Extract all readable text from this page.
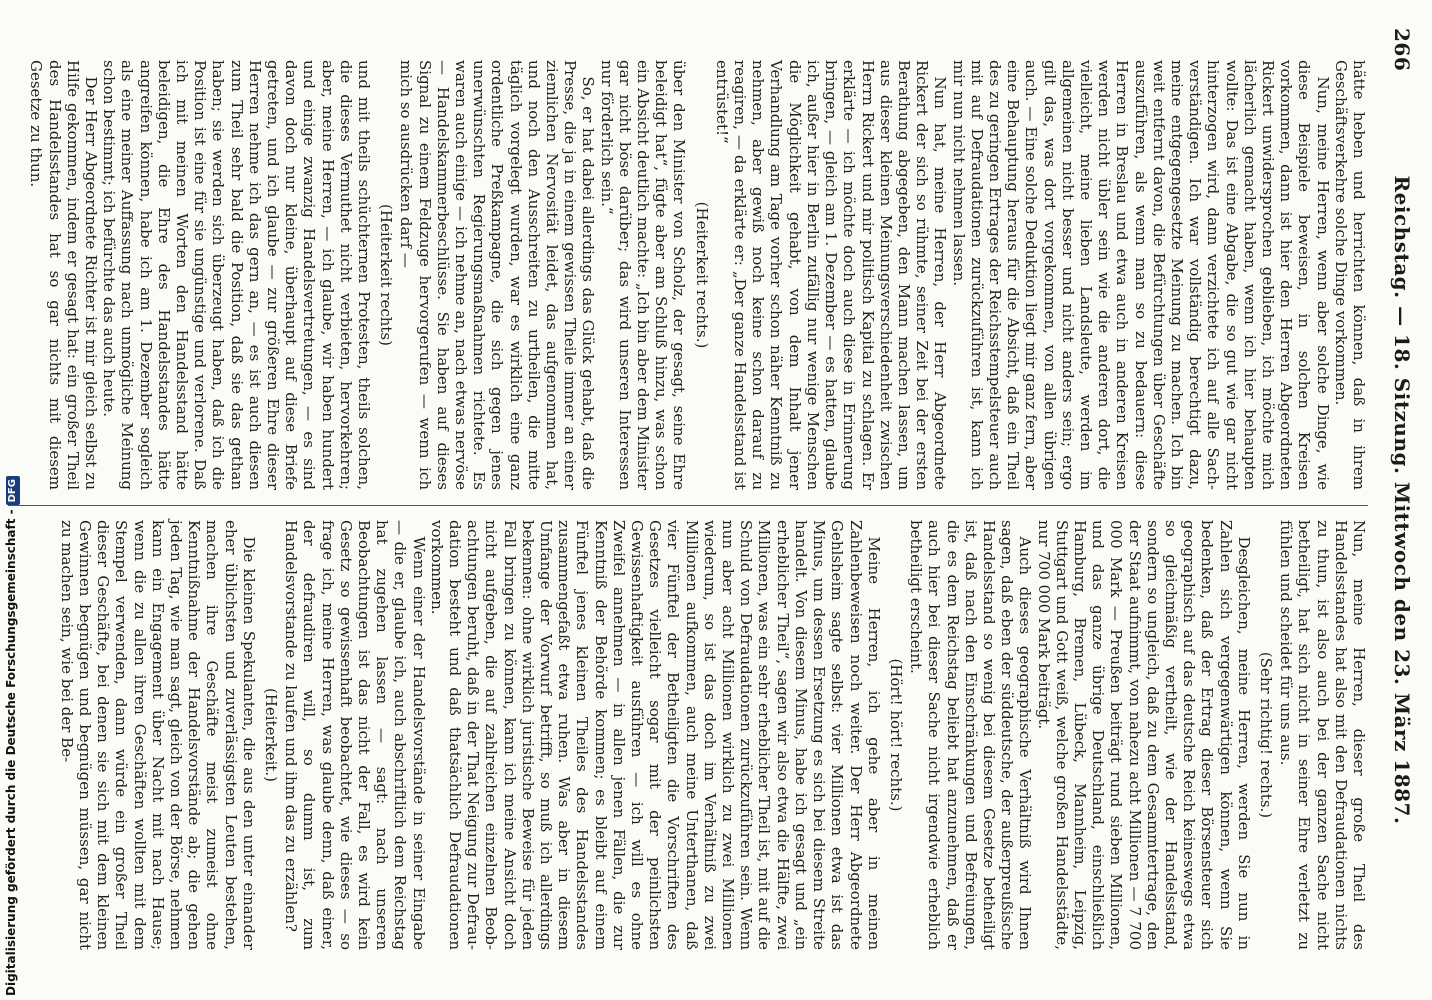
266
Reichstag. — 18. Sitzung. Mittwoch den 23. März 1887.

hätte heben und herrichten können, daß in ihrem Geschäftsverkehre solche Dinge vorkommen.

Nun, meine Herren, wenn aber solche Dinge, wie diese Beispiele beweisen, in solchen Kreisen vorkommen, dann ist hier den Herren Abgeordneten Rickert unwidersprochen geblieben, ich möchte mich lächerlich gemacht haben, wenn ich hier behaupten wollte: Das ist eine Abgabe, die so gut wie gar nicht hinterzogen wird, dann verzichtete ich auf alle Sachverständigen. Ich war vollständig berechtigt dazu, meine entgegengesetzte Meinung zu machen. Ich bin weit entfernt davon, die Befürchtungen über Geschäfte auszuführen, als wenn man so zu bedauern: diese Herren in Breslau und etwa auch in anderen Kreisen werden nicht übler sein wie die anderen dort, die vielleicht, meine lieben Landsleute, werden im allgemeinen nicht besser und nicht anders sein; ergo gilt das, was dort vorgekommen, von allen übrigen auch. — Eine solche Deduktion liegt mir ganz fern, aber eine Behauptung heraus für die Absicht, daß ein Theil des zu geringen Ertrages der Reichsstempelsteuer auch mit auf Defraudationen zurückzuführen ist, kann ich mir nun nicht nehmen lassen.

Nun hat, meine Herren, der Herr Abgeordnete Rickert der sich so rühmte, seiner Zeit bei der ersten Berathung abgegeben, den Mann machen lassen, um aus dieser kleinen Meinungsverschiedenheit zwischen Herrn Rickert und mir politisch Kapital zu schlagen. Er erklärte — ich möchte doch auch diese in Erinnerung bringen, — gleich am 1. Dezember — es hatten, glaube ich, außer hier in Berlin zufällig nur wenige Menschen die Möglichkeit gehabt, von dem Inhalt jener Verhandlung am Tage vorher schon näher Kenntniß zu nehmen, aber gewiß noch keine schon darauf zu reagiren, — da erklärte er: „Der ganze Handelsstand ist entrüstet!“

(Heiterkeit rechts.)

über den Minister von Scholz, der gesagt, seine Ehre beleidigt hat“, fügte aber am Schluß hinzu, was schon ein Absicht deutlich machte: „Ich bin aber dem Minister gar nicht böse darüber; das wird unseren Interessen nur förderlich sein.“

So, er hat dabei allerdings das Glück gehabt, daß die Presse, die ja in einem gewissen Theile immer an einer ziemlichen Nervosität leidet, das aufgenommen hat, und noch den Ausschreiten zu urtheilen, die mitte täglich vorgelegt wurden, war es wirklich eine ganz ordentliche Preßkampagne, die sich gegen jenes unerwünschten Regierungsmaßnahmen richtete. Es waren auch einige — ich nehme an, nach etwas nervöse — Handelskammerbeschlüsse. Sie haben auf dieses Signal zu einem Feldzuge hervorgerufen — wenn ich mich so ausdrücken darf —

(Heiterkeit rechts)

und mit theils schüchternen Protesten, theils solchen, die dieses Vermuthet nicht verbieten, hervorkehren; aber, meine Herren, — ich glaube, wir haben hundert und einige zwanzig Handelsvertretungen, — es sind davon doch nur kleine, überhaupt auf diese Briefe getreten, und ich glaube — zur größeren Ehre dieser Herren nehme ich das gern an, — es ist auch diesen zum Theil sehr bald die Position, daß sie das gethan haben; sie werden sich überzeugt haben, daß ich die Position ist eine für sie ungünstige und verlorene. Daß ich mit meinen Worten den Handelsstand hätte beleidigen, die Ehre des Handelsstandes hätte angreifen können, habe ich am 1. Dezember sogleich als eine meiner Auffassung nach unmögliche Meinung schon bestimmt; ich befürchte das auch heute.

Der Herr Abgeordnete Richter ist mir gleich selbst zu Hilfe gekommen, indem er gesagt hat: ein großer Theil des Handelsstandes hat so gar nichts mit diesem Gesetze zu thun.

Nun, meine Herren, dieser große Theil des Handelsstandes hat also mit den Defraudationen nichts zu thun, ist also auch bei der ganzen Sache nicht betheiligt, hat sich nicht in seiner Ehre verletzt zu fühlen und scheidet für uns aus.

(Sehr richtig! rechts.)

Desgleichen, meine Herren, werden Sie nun in Zahlen sich vergegenwärtigen können, wenn Sie bedenken, daß der Ertrag dieser Börsensteuer sich geographisch auf das deutsche Reich keineswegs etwa so gleichmäßig vertheilt, wie der Handelsstand, sondern so ungleich, daß zu dem Gesammtertrage, den der Staat aufnimmt, von nahezu acht Millionen — 7 700 000 Mark — Preußen beiträgt rund sieben Millionen, und das ganze übrige Deutschland, einschließlich Hamburg, Bremen, Lübeck, Mannheim, Leipzig, Stuttgart und Gott weiß, welche großen Handelsstädte, nur 700 000 Mark beiträgt.

Auch dieses geographische Verhältniß wird Ihnen sagen, daß eben der süddeutsche, der außerpreußische Handelsstand so wenig bei diesem Gesetze betheiligt ist, daß nach den Einschränkungen und Befreiungen, die es dem Reichstag beliebt hat anzunehmen, daß er auch hier bei dieser Sache nicht irgendwie erheblich betheiligt erscheint.

(Hört! hört! rechts.)

Meine Herren, ich gehe aber in meinen Zahlenbeweisen noch weiter. Der Herr Abgeordnete Gehlsheim sagte selbst: vier Millionen etwa ist das Minus, um dessen Ersetzung es sich bei diesem Streite handelt. Von diesem Minus, habe ich gesagt und „ein erheblicher Theil“, sagen wir also etwa die Hälfte, zwei Millionen, was ein sehr erheblicher Theil ist, mit auf die Schuld von Defraudationen zurückzuführen sein. Wenn nun aber acht Millionen wirklich zu zwei Millionen wiederum, so ist das doch im Verhältniß zu zwei Millionen aufkommen, auch meine Unterthanen, daß vier Fünftel der Betheiligten die Vorschriften des Gesetzes vielleicht sogar mit der peinlichsten Gewissenhaftigkeit ausführen — ich will es ohne Zweifel annehmen — in allen jenen Fällen, die zur Kenntniß der Behörde kommen; es bleibt auf einem Fünftel jenes kleinen Theiles des Handelsstandes zusammengefaßt etwa ruhen. Was aber in diesem Umfange der Vorwurf betrifft, so muß ich allerdings bekennen: ohne wirklich juristische Beweise für jeden Fall bringen zu können, kann ich meine Ansicht doch nicht aufgeben, die auf zahlreichen einzelnen Beobachtungen beruht, daß in der That Neigung zur Defraudation besteht und daß thatsächlich Defraudationen vorkommen.

Wenn einer der Handelsvorstände in seiner Eingabe — die er, glaube ich, auch abschriftlich dem Reichstag hat zugehen lassen — sagt: nach unseren Beobachtungen ist das nicht der Fall, es wird kein Gesetz so gewissenhaft beobachtet, wie dieses — so frage ich, meine Herren, was glaube denn, daß einer, der defraudiren will, so dumm ist, zum Handelsvorstande zu laufen und ihm das zu erzählen?

(Heiterkeit.)

Die kleinen Spekulanten, die aus den unter einander eher üblichsten und zuverlässigsten Leuten bestehen, machen ihre Geschäfte meist zumeist ohne Kenntnißnahme der Handelsvorstände ab; die gehen jeden Tag, wie man sagt, gleich von der Börse, nehmen kann ein Engagement über Nacht mit nach Hause; wenn die zu allen ihren Geschäften wollten mit dem Stempel verwenden, dann würde ein großer Theil dieser Geschäfte, bei denen sie sich mit dem kleinen Gewinnen begnügen und begnügen müssen, gar nicht zu machen sein, wie bei der Be-

Digitalisierung gefördert durch die Deutsche Forschungsgemeinschaft -DFG
